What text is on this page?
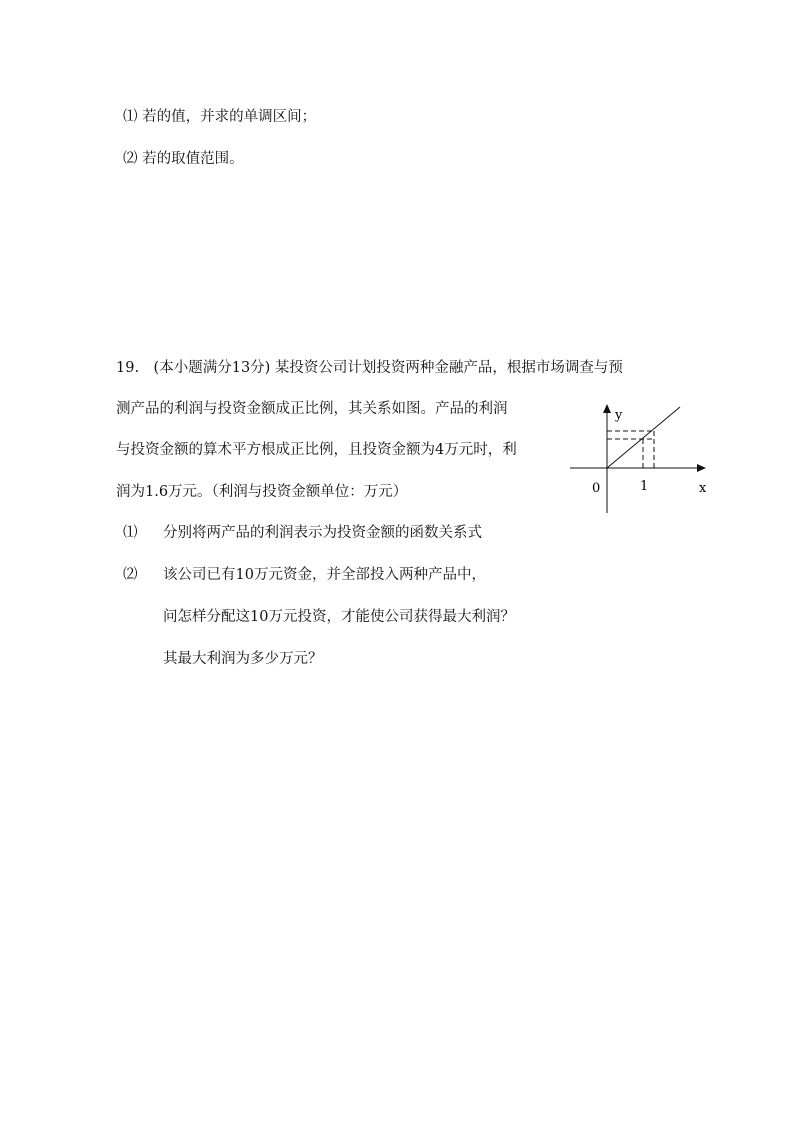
⑴ 若的值，并求的单调区间；
⑵ 若的取值范围。
19.　(本小题满分13分) 某投资公司计划投资两种金融产品，根据市场调查与预
测产品的利润与投资金额成正比例，其关系如图。产品的利润
与投资金额的算术平方根成正比例，且投资金额为4万元时，利
润为1.6万元。（利润与投资金额单位：万元）
⑴ 分别将两产品的利润表示为投资金额的函数关系式
⑵ 该公司已有10万元资金，并全部投入两种产品中，
问怎样分配这10万元投资，才能使公司获得最大利润？
其最大利润为多少万元？
y
x
0	1
